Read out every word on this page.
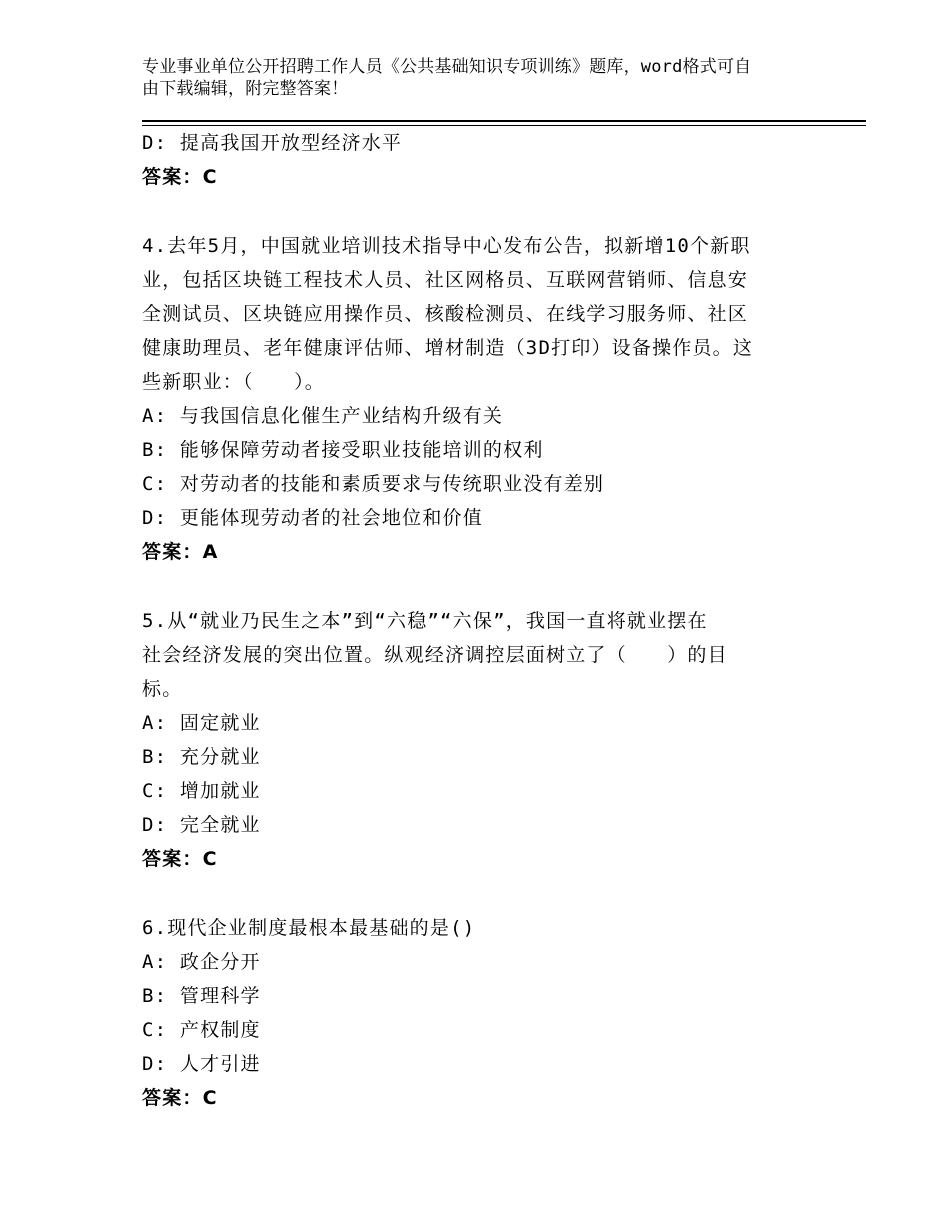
专业事业单位公开招聘工作人员《公共基础知识专项训练》题库，word格式可自
由下载编辑，附完整答案！
D: 提高我国开放型经济水平
答案：C
4.去年5月，中国就业培训技术指导中心发布公告，拟新增10个新职
业，包括区块链工程技术人员、社区网格员、互联网营销师、信息安
全测试员、区块链应用操作员、核酸检测员、在线学习服务师、社区
健康助理员、老年健康评估师、增材制造（3D打印）设备操作员。这
些新职业：（　　）。
A: 与我国信息化催生产业结构升级有关
B: 能够保障劳动者接受职业技能培训的权利
C: 对劳动者的技能和素质要求与传统职业没有差别
D: 更能体现劳动者的社会地位和价值
答案：A
5.从“就业乃民生之本”到“六稳”“六保”，我国一直将就业摆在
社会经济发展的突出位置。纵观经济调控层面树立了（　　）的目
标。
A: 固定就业
B: 充分就业
C: 增加就业
D: 完全就业
答案：C
6.现代企业制度最根本最基础的是()
A: 政企分开
B: 管理科学
C: 产权制度
D: 人才引进
答案：C
